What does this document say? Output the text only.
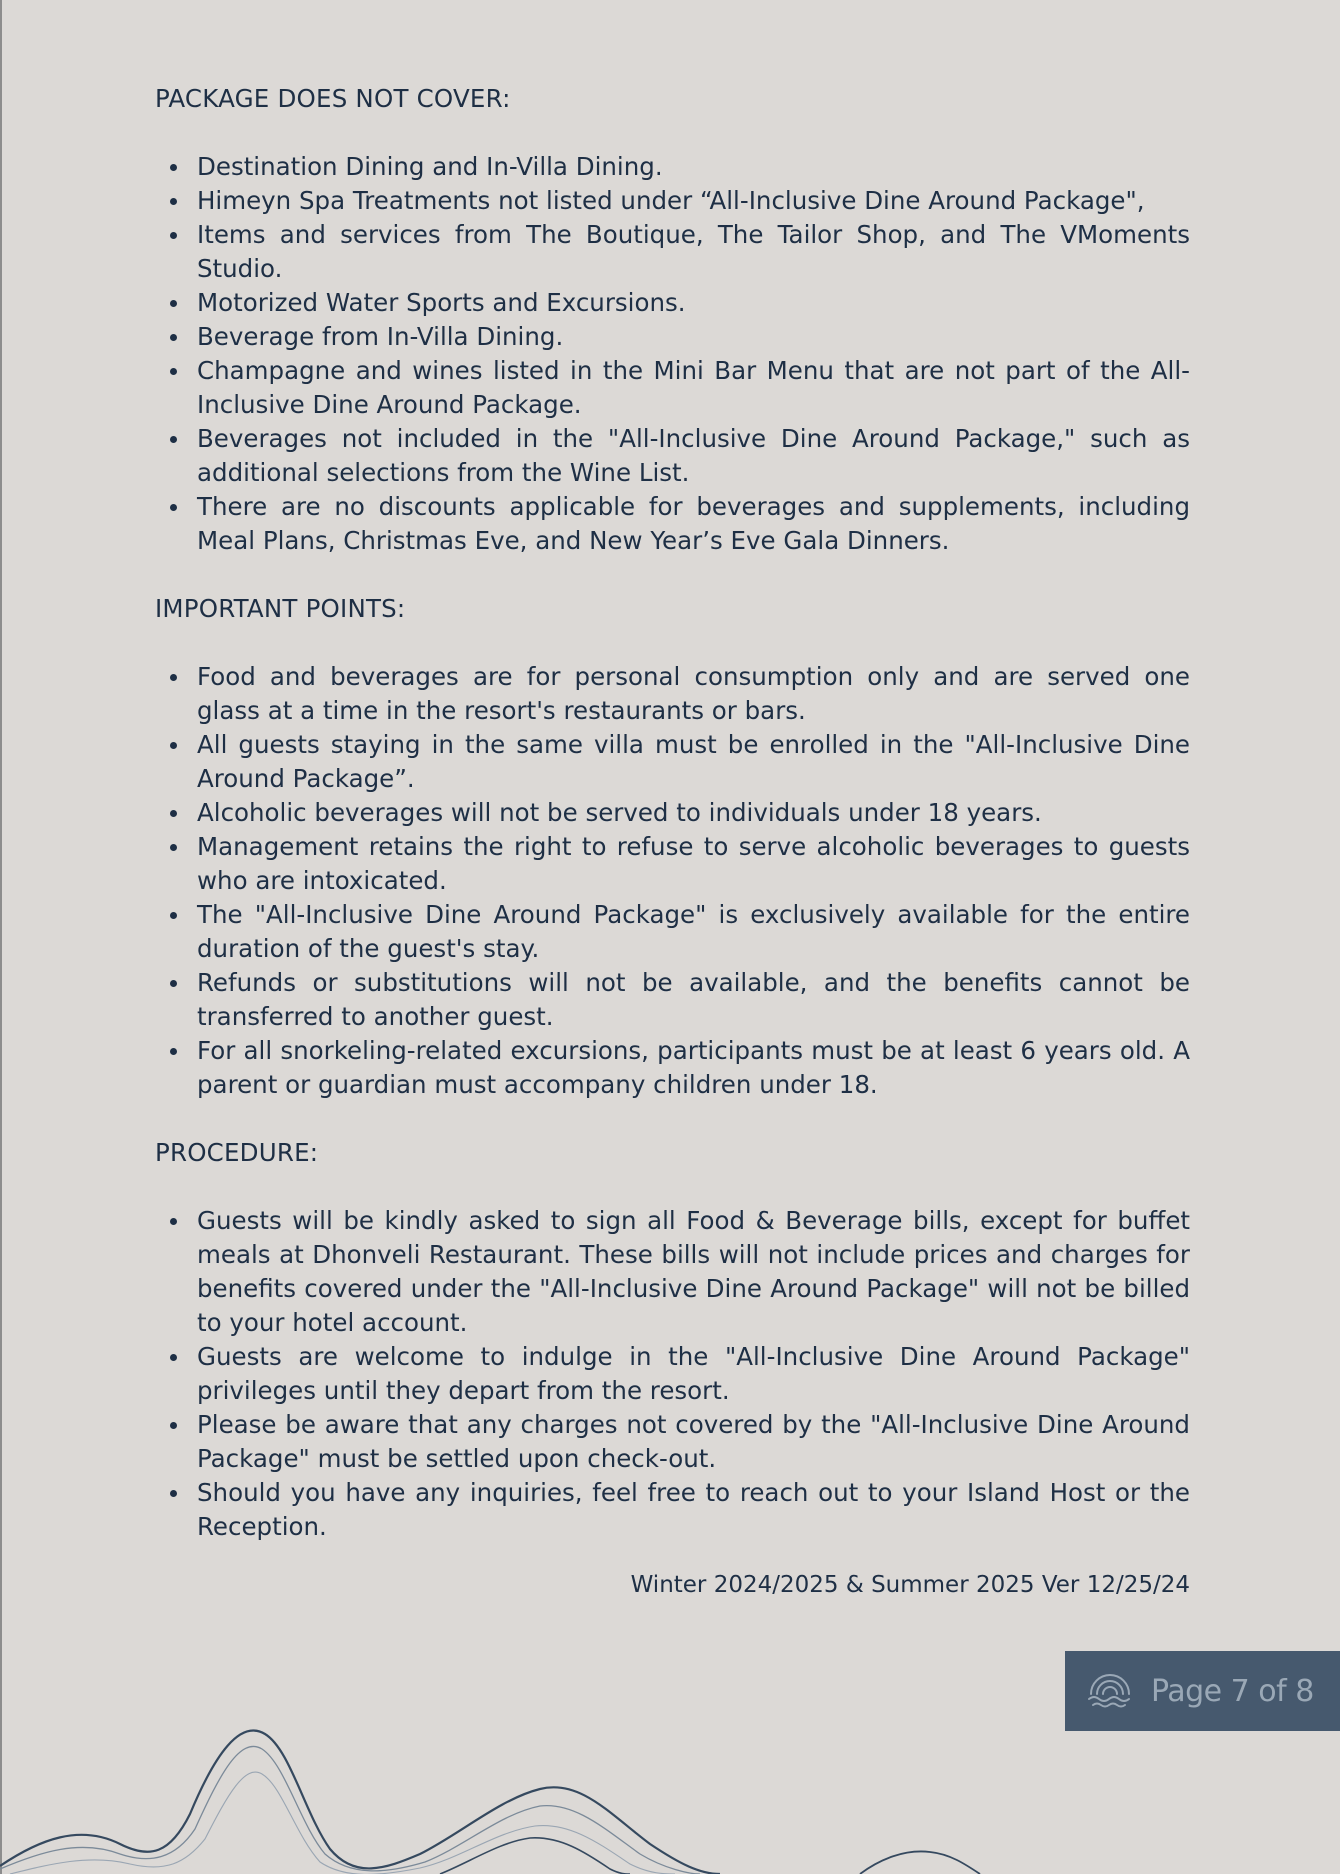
PACKAGE DOES NOT COVER:
Destination Dining and In-Villa Dining.
Himeyn Spa Treatments not listed under “All-Inclusive Dine Around Package",
Items and services from The Boutique, The Tailor Shop, and The VMoments Studio.
Motorized Water Sports and Excursions.
Beverage from In-Villa Dining.
Champagne and wines listed in the Mini Bar Menu that are not part of the All-Inclusive Dine Around Package.
Beverages not included in the "All-Inclusive Dine Around Package," such as additional selections from the Wine List.
There are no discounts applicable for beverages and supplements, including Meal Plans, Christmas Eve, and New Year’s Eve Gala Dinners.
IMPORTANT POINTS:
Food and beverages are for personal consumption only and are served one glass at a time in the resort's restaurants or bars.
All guests staying in the same villa must be enrolled in the "All-Inclusive Dine Around Package”.
Alcoholic beverages will not be served to individuals under 18 years.
Management retains the right to refuse to serve alcoholic beverages to guests who are intoxicated.
The "All-Inclusive Dine Around Package" is exclusively available for the entire duration of the guest's stay.
Refunds or substitutions will not be available, and the benefits cannot be transferred to another guest.
For all snorkeling-related excursions, participants must be at least 6 years old. A parent or guardian must accompany children under 18.
PROCEDURE:
Guests will be kindly asked to sign all Food & Beverage bills, except for buffet meals at Dhonveli Restaurant. These bills will not include prices and charges for benefits covered under the "All-Inclusive Dine Around Package" will not be billed to your hotel account.
Guests are welcome to indulge in the "All-Inclusive Dine Around Package" privileges until they depart from the resort.
Please be aware that any charges not covered by the "All-Inclusive Dine Around Package" must be settled upon check-out.
Should you have any inquiries, feel free to reach out to your Island Host or the Reception.
Winter 2024/2025 & Summer 2025 Ver 12/25/24
Page 7 of 8
